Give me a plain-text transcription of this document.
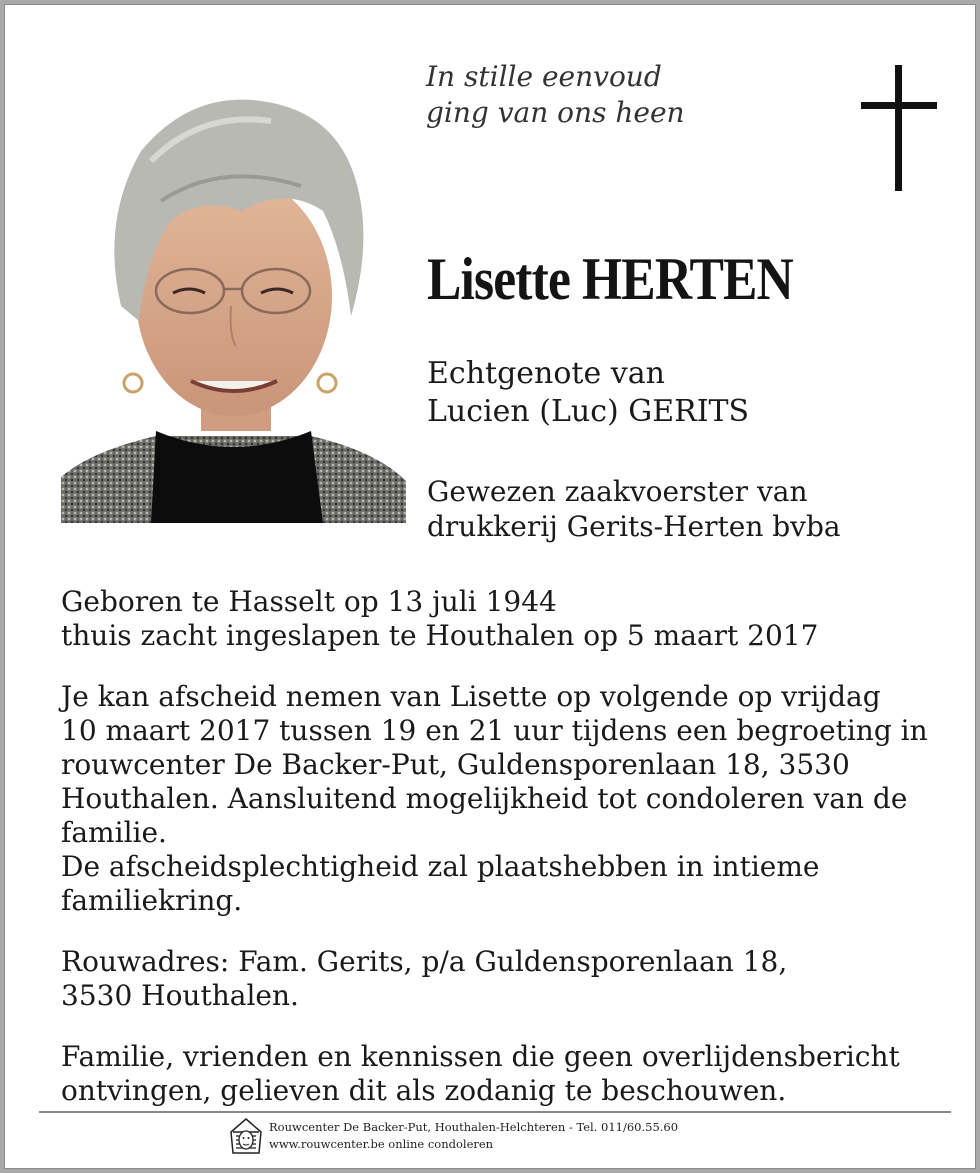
In stille eenvoud
ging van ons heen
Lisette HERTEN
Echtgenote van
Lucien (Luc) GERITS
Gewezen zaakvoerster van
drukkerij Gerits-Herten bvba
Geboren te Hasselt op 13 juli 1944
thuis zacht ingeslapen te Houthalen op 5 maart 2017
Je kan afscheid nemen van Lisette op volgende op vrijdag
10 maart 2017 tussen 19 en 21 uur tijdens een begroeting in
rouwcenter De Backer-Put, Guldensporenlaan 18, 3530
Houthalen. Aansluitend mogelijkheid tot condoleren van de
familie.
De afscheidsplechtigheid zal plaatshebben in intieme
familiekring.
Rouwadres: Fam. Gerits, p/a Guldensporenlaan 18,
3530 Houthalen.
Familie, vrienden en kennissen die geen overlijdensbericht
ontvingen, gelieven dit als zodanig te beschouwen.
Rouwcenter De Backer-Put, Houthalen-Helchteren - Tel. 011/60.55.60
www.rouwcenter.be online condoleren
